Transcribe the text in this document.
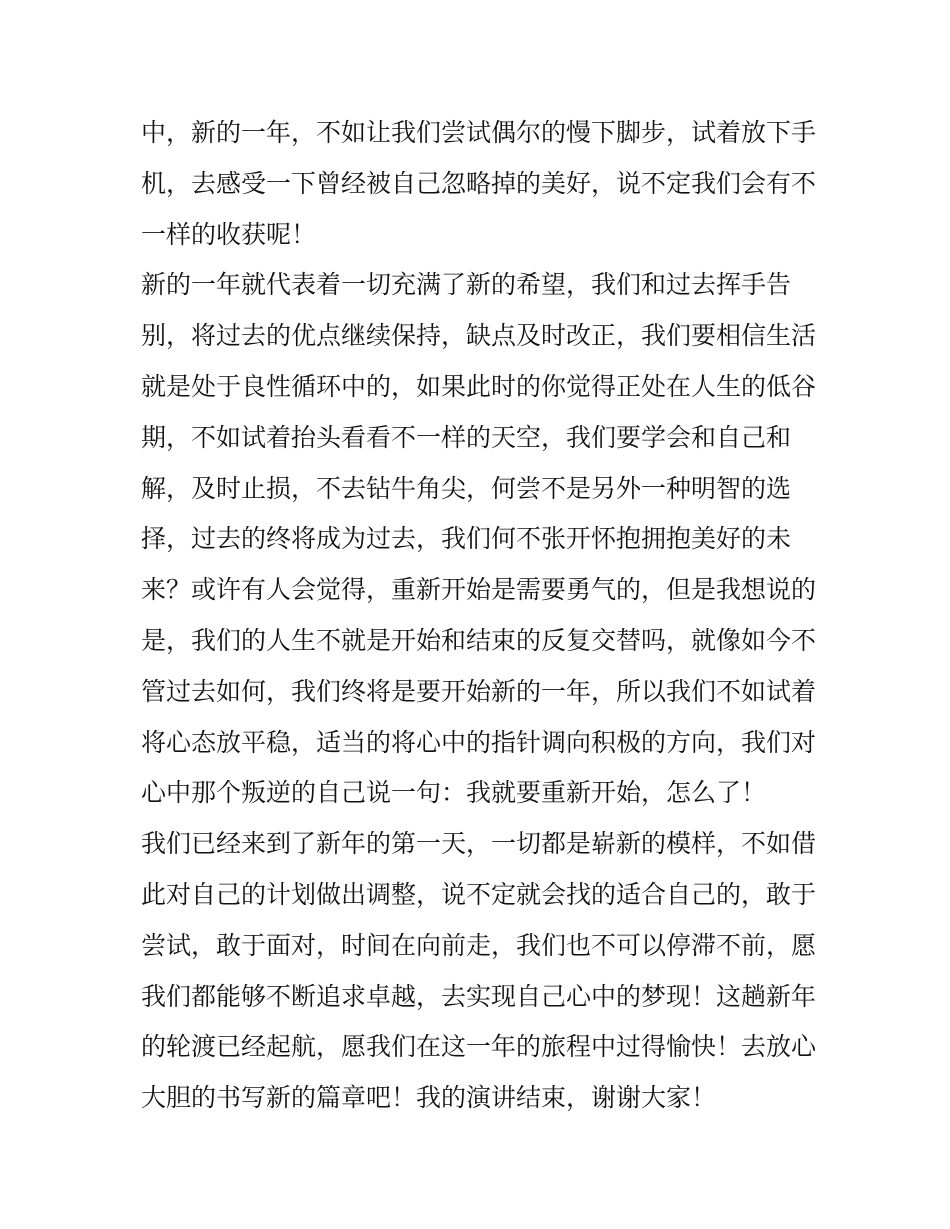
中，新的一年，不如让我们尝试偶尔的慢下脚步，试着放下手
机，去感受一下曾经被自己忽略掉的美好，说不定我们会有不
一样的收获呢！
新的一年就代表着一切充满了新的希望，我们和过去挥手告
别，将过去的优点继续保持，缺点及时改正，我们要相信生活
就是处于良性循环中的，如果此时的你觉得正处在人生的低谷
期，不如试着抬头看看不一样的天空，我们要学会和自己和
解，及时止损，不去钻牛角尖，何尝不是另外一种明智的选
择，过去的终将成为过去，我们何不张开怀抱拥抱美好的未
来？或许有人会觉得，重新开始是需要勇气的，但是我想说的
是，我们的人生不就是开始和结束的反复交替吗，就像如今不
管过去如何，我们终将是要开始新的一年，所以我们不如试着
将心态放平稳，适当的将心中的指针调向积极的方向，我们对
心中那个叛逆的自己说一句：我就要重新开始，怎么了！
我们已经来到了新年的第一天，一切都是崭新的模样，不如借
此对自己的计划做出调整，说不定就会找的适合自己的，敢于
尝试，敢于面对，时间在向前走，我们也不可以停滞不前，愿
我们都能够不断追求卓越，去实现自己心中的梦现！这趟新年
的轮渡已经起航，愿我们在这一年的旅程中过得愉快！去放心
大胆的书写新的篇章吧！我的演讲结束，谢谢大家！
